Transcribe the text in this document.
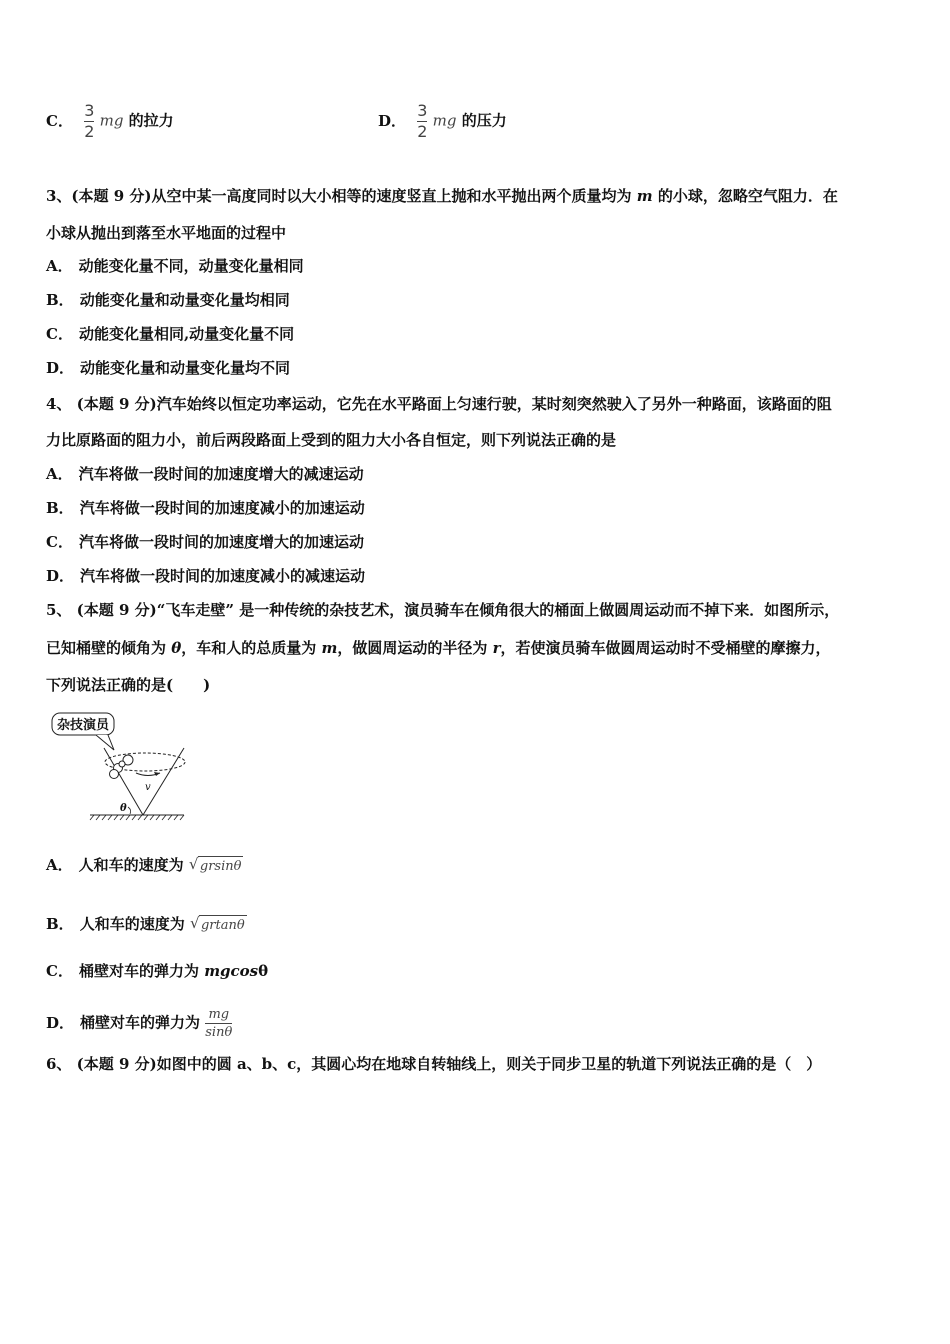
C． $\frac{3}{2}$ mg 的拉力	D． $\frac{3}{2}$ mg 的压力
3、(本题 9 分)从空中某一高度同时以大小相等的速度竖直上抛和水平抛出两个质量均为 m 的小球，忽略空气阻力．在
小球从抛出到落至水平地面的过程中
A． 动能变化量不同，动量变化量相同
B． 动能变化量和动量变化量均相同
C． 动能变化量相同,动量变化量不同
D． 动能变化量和动量变化量均不同
4、 (本题 9 分)汽车始终以恒定功率运动，它先在水平路面上匀速行驶，某时刻突然驶入了另外一种路面，该路面的阻
力比原路面的阻力小，前后两段路面上受到的阻力大小各自恒定，则下列说法正确的是
A． 汽车将做一段时间的加速度增大的减速运动
B． 汽车将做一段时间的加速度减小的加速运动
C． 汽车将做一段时间的加速度增大的加速运动
D． 汽车将做一段时间的加速度减小的减速运动
5、 (本题 9 分)“飞车走壁” 是一种传统的杂技艺术，演员骑车在倾角很大的桶面上做圆周运动而不掉下来．如图所示，
已知桶壁的倾角为 θ，车和人的总质量为 m，做圆周运动的半径为 r，若使演员骑车做圆周运动时不受桶壁的摩擦力，
下列说法正确的是(　　)
杂技演员
v
θ
A． 人和车的速度为 √ grsinθ
B． 人和车的速度为 √ grtanθ
C． 桶壁对车的弹力为 mgcosθ
D． 桶壁对车的弹力为 $\frac{mg}{\sin\theta}$
6、 (本题 9 分)如图中的圆 a、b、c，其圆心均在地球自转轴线上，则关于同步卫星的轨道下列说法正确的是（　）
